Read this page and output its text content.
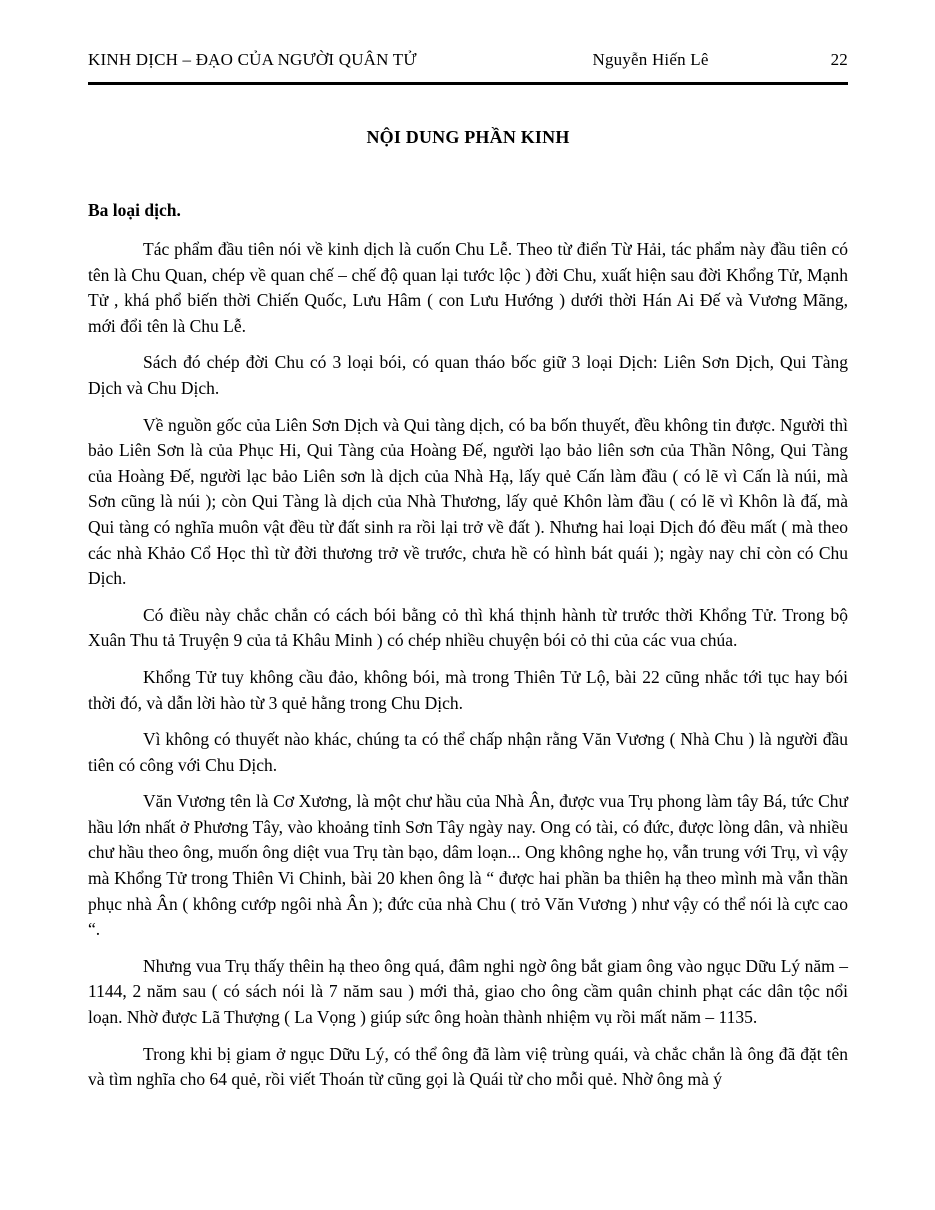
KINH DỊCH – ĐẠO CỦA NGƯỜI QUÂN TỬ	Nguyễn Hiến Lê	22
NỘI DUNG PHẦN KINH
Ba loại dịch.

Tác phẩm đầu tiên nói về kinh dịch là cuốn Chu Lễ. Theo từ điển Từ Hải, tác phẩm này đầu tiên có tên là Chu Quan, chép về quan chế – chế độ quan lại tước lộc ) đời Chu, xuất hiện sau đời Khổng Tử, Mạnh Tử , khá phổ biến thời Chiến Quốc, Lưu Hâm ( con Lưu Hướng ) dưới thời Hán Ai Đế và Vương Mãng, mới đổi tên là Chu Lễ.

Sách đó chép đời Chu có 3 loại bói, có quan tháo bốc giữ 3 loại Dịch: Liên Sơn Dịch, Qui Tàng Dịch và Chu Dịch.

Về nguồn gốc của Liên Sơn Dịch và Qui tàng dịch, có ba bốn thuyết, đều không tin được. Người thì bảo Liên Sơn là của Phục Hi, Qui Tàng của Hoàng Đế, người lạo bảo liên sơn của Thần Nông, Qui Tàng của Hoàng Đế, người lạc bảo Liên sơn là dịch của Nhà Hạ, lấy quẻ Cấn làm đầu ( có lẽ vì Cấn là núi, mà Sơn cũng là núi ); còn Qui Tàng là dịch của Nhà Thương, lấy quẻ Khôn làm đầu ( có lẽ vì Khôn là đấ, mà Qui tàng có nghĩa muôn vật đều từ đất sinh ra rồi lại trở về đất ). Nhưng hai loại Dịch đó đều mất ( mà theo các nhà Khảo Cổ Học thì từ đời thương trở về trước, chưa hề có hình bát quái ); ngày nay chỉ còn có Chu Dịch.

Có điều này chắc chắn có cách bói bằng cỏ thì khá thịnh hành từ trước thời Khổng Tử. Trong bộ Xuân Thu tả Truyện 9 của tả Khâu Minh ) có chép nhiều chuyện bói cỏ thi của các vua chúa.

Khổng Tử tuy không cầu đảo, không bói, mà trong Thiên Tử Lộ, bài 22 cũng nhắc tới tục hay bói thời đó, và dẫn lời hào từ 3 quẻ hằng trong Chu Dịch.

Vì không có thuyết nào khác, chúng ta có thể chấp nhận rằng Văn Vương ( Nhà Chu ) là người đầu tiên có công với Chu Dịch.

Văn Vương tên là Cơ Xương, là một chư hầu của Nhà Ân, được vua Trụ phong làm tây Bá, tức Chư hầu lớn nhất ở Phương Tây, vào khoảng tỉnh Sơn Tây ngày nay. Ong có tài, có đức, được lòng dân, và nhiều chư hầu theo ông, muốn ông diệt vua Trụ tàn bạo, dâm loạn... Ong không nghe họ, vẫn trung với Trụ, vì vậy mà Khổng Tử trong Thiên Vi Chinh, bài 20 khen ông là “ được hai phần ba thiên hạ theo mình mà vẫn thần phục nhà Ân ( không cướp ngôi nhà Ân ); đức của nhà Chu ( trỏ Văn Vương ) như vậy có thể nói là cực cao “.

Nhưng vua Trụ thấy thêin hạ theo ông quá, đâm nghi ngờ ông bắt giam ông vào ngục Dữu Lý năm – 1144, 2 năm sau ( có sách nói là 7 năm sau ) mới thả, giao cho ông cầm quân chinh phạt các dân tộc nổi loạn. Nhờ được Lã Thượng ( La Vọng ) giúp sức ông hoàn thành nhiệm vụ rồi mất năm – 1135.

Trong khi bị giam ở ngục Dữu Lý, có thể ông đã làm việ trùng quái, và chắc chắn là ông đã đặt tên và tìm nghĩa cho 64 quẻ, rồi viết Thoán từ cũng gọi là Quái từ cho mỗi quẻ. Nhờ ông mà ý
